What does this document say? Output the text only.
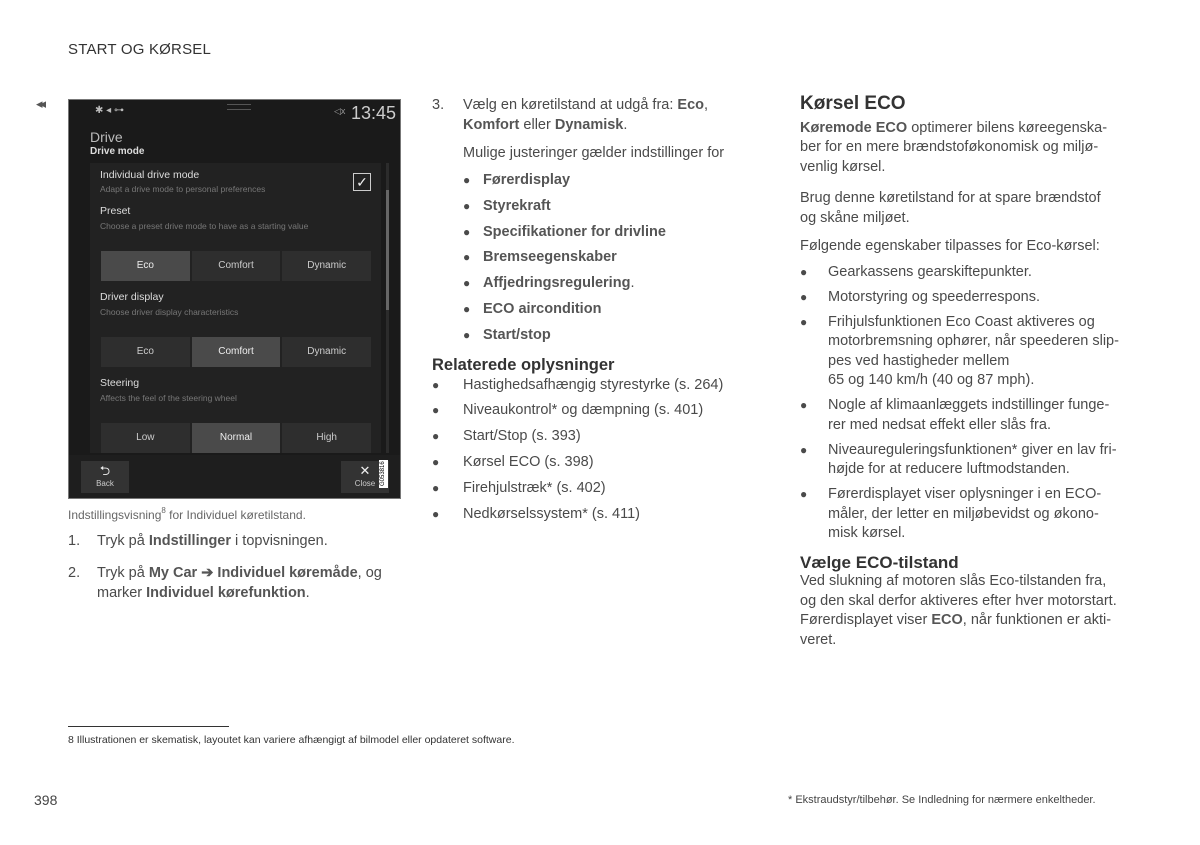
START OG KØRSEL
◂◂	✱ ◂ ⊶	◁x 13:45
Drive
Drive mode
Individual drive mode
Adapt a drive mode to personal preferences	✓
Preset
Choose a preset drive mode to have as a starting value
Eco	Comfort	Dynamic
Driver display
Choose driver display characteristics
Eco	Comfort	Dynamic
Steering
Affects the feel of the steering wheel
Low	Normal	High
⮌
Back
✕
Close G053816
Indstillingsvisning$^8$ for Individuel køretilstand.
1. Tryk på Indstillinger i topvisningen.
2. Tryk på My Car ➔ Individuel køremåde, og
marker Individuel kørefunktion.
3. Vælg en køretilstand at udgå fra: Eco,
Komfort eller Dynamisk.
Mulige justeringer gælder indstillinger for
● Førerdisplay
● Styrekraft
● Specifikationer for drivline
● Bremseegenskaber
● Affjedringsregulering.
● ECO aircondition
● Start/stop
Relaterede oplysninger
● Hastighedsafhængig styrestyrke (s. 264)
● Niveaukontrol* og dæmpning (s. 401)
● Start/Stop (s. 393)
● Kørsel ECO (s. 398)
● Firehjulstræk* (s. 402)
● Nedkørselssystem* (s. 411)
Kørsel ECO
Køremode ECO optimerer bilens køreegenska-
ber for en mere brændstoføkonomisk og miljø-
venlig kørsel.
Brug denne køretilstand for at spare brændstof
og skåne miljøet.
Følgende egenskaber tilpasses for Eco-kørsel:
● Gearkassens gearskiftepunkter.
● Motorstyring og speederrespons.
● Frihjulsfunktionen Eco Coast aktiveres og
motorbremsning ophører, når speederen slip-
pes ved hastigheder mellem
65 og 140 km/h (40 og 87 mph).
● Nogle af klimaanlæggets indstillinger funge-
rer med nedsat effekt eller slås fra.
● Niveaureguleringsfunktionen* giver en lav fri-
højde for at reducere luftmodstanden.
● Førerdisplayet viser oplysninger i en ECO-
måler, der letter en miljøbevidst og økono-
misk kørsel.
Vælge ECO-tilstand
Ved slukning af motoren slås Eco-tilstanden fra,
og den skal derfor aktiveres efter hver motorstart.
Førerdisplayet viser ECO, når funktionen er akti-
veret.
8 Illustrationen er skematisk, layoutet kan variere afhængigt af bilmodel eller opdateret software.
398	* Ekstraudstyr/tilbehør. Se Indledning for nærmere enkeltheder.
